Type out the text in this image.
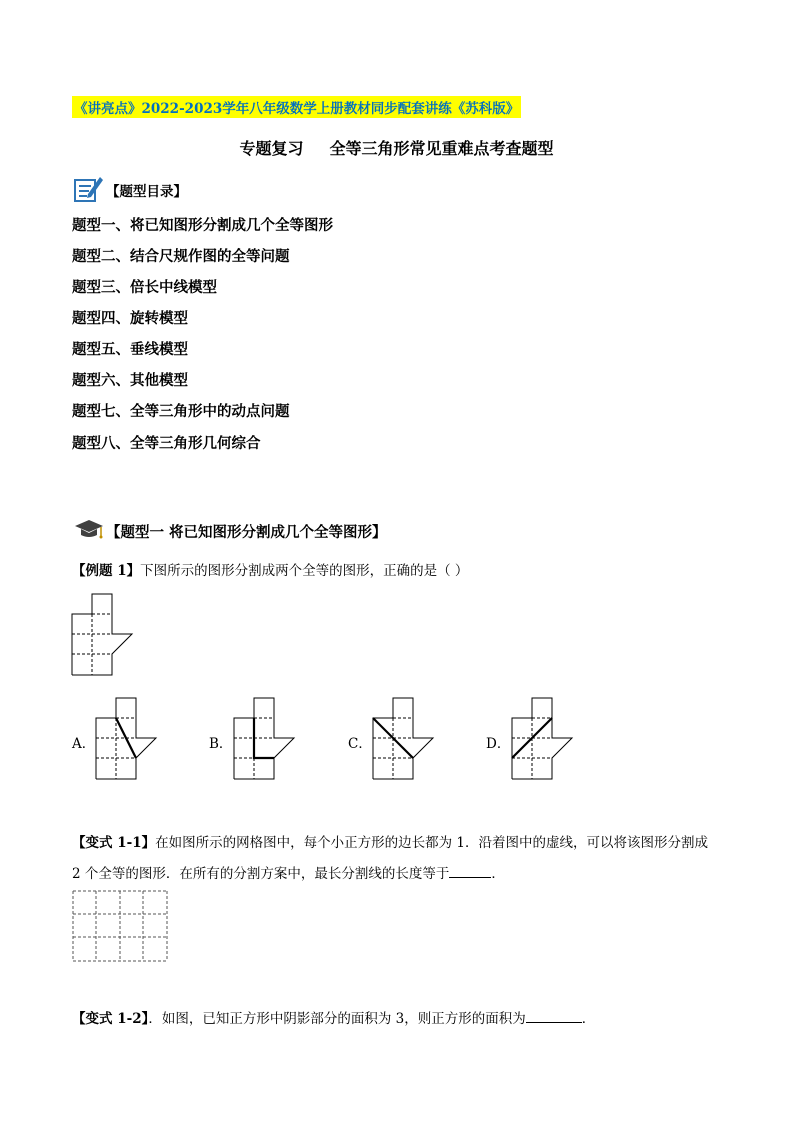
《讲亮点》2022-2023学年八年级数学上册教材同步配套讲练《苏科版》
专题复习 全等三角形常见重难点考查题型
【题型目录】
题型一、将已知图形分割成几个全等图形
题型二、结合尺规作图的全等问题
题型三、倍长中线模型
题型四、旋转模型
题型五、垂线模型
题型六、其他模型
题型七、全等三角形中的动点问题
题型八、全等三角形几何综合
【题型一 将已知图形分割成几个全等图形】
【例题 1】下图所示的图形分割成两个全等的图形，正确的是（ ）
A．	B．	C．	D．
【变式 1-1】在如图所示的网格图中，每个小正方形的边长都为 1．沿着图中的虚线，可以将该图形分割成
2 个全等的图形．在所有的分割方案中，最长分割线的长度等于	．
【变式 1-2】．如图，已知正方形中阴影部分的面积为 3，则正方形的面积为	．
